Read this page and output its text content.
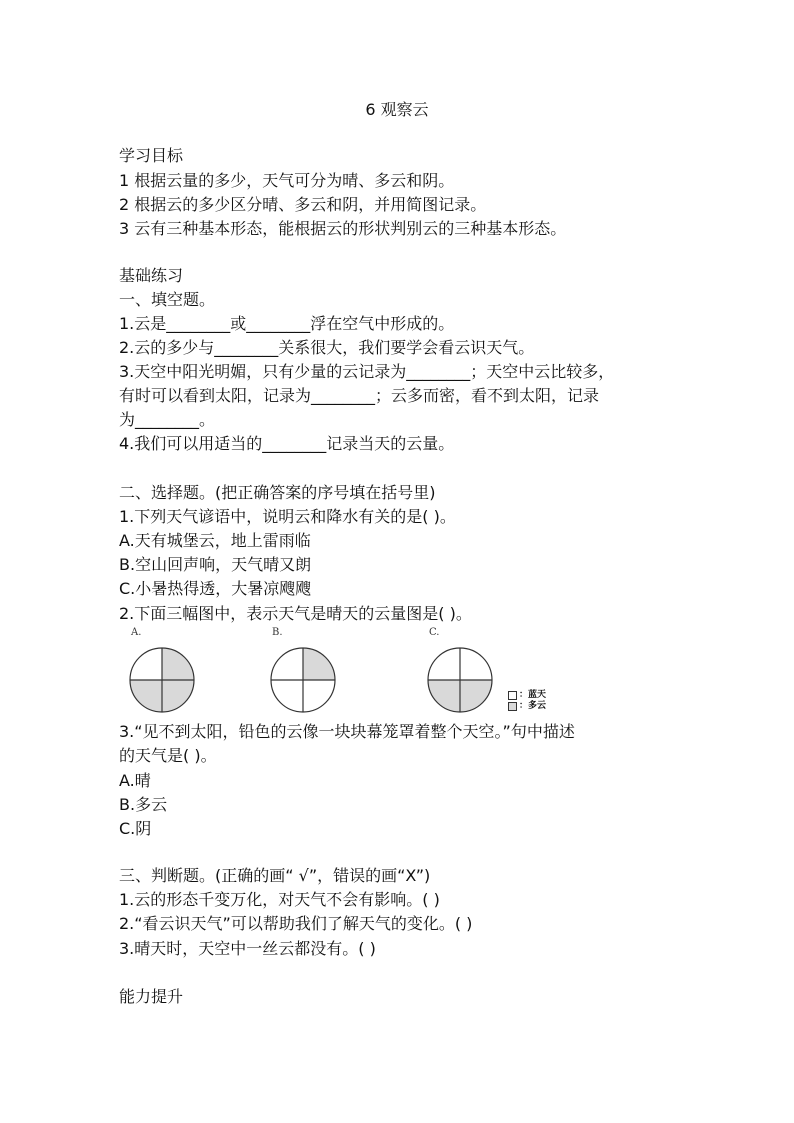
6 观察云
学习目标
1 根据云量的多少，天气可分为晴、多云和阴。
2 根据云的多少区分晴、多云和阴，并用简图记录。
3 云有三种基本形态，能根据云的形状判别云的三种基本形态。
基础练习
一、填空题。
1.云是________或________浮在空气中形成的。
2.云的多少与________关系很大，我们要学会看云识天气。
3.天空中阳光明媚，只有少量的云记录为________；天空中云比较多，
有时可以看到太阳，记录为________；云多而密，看不到太阳，记录
为________。
4.我们可以用适当的________记录当天的云量。
二、选择题。(把正确答案的序号填在括号里)
1.下列天气谚语中，说明云和降水有关的是( )。
A.天有城堡云，地上雷雨临
B.空山回声响，天气晴又朗
C.小暑热得透，大暑凉飕飕
2.下面三幅图中，表示天气是晴天的云量图是( )。
A.	B.	C.
：蓝天
：多云
3.“见不到太阳，铅色的云像一块块幕笼罩着整个天空。”句中描述
的天气是( )。
A.晴
B.多云
C.阴
三、判断题。(正确的画“ √”，错误的画“X”)
1.云的形态千变万化，对天气不会有影响。( )
2.“看云识天气”可以帮助我们了解天气的变化。( )
3.晴天时，天空中一丝云都没有。( )
能力提升
